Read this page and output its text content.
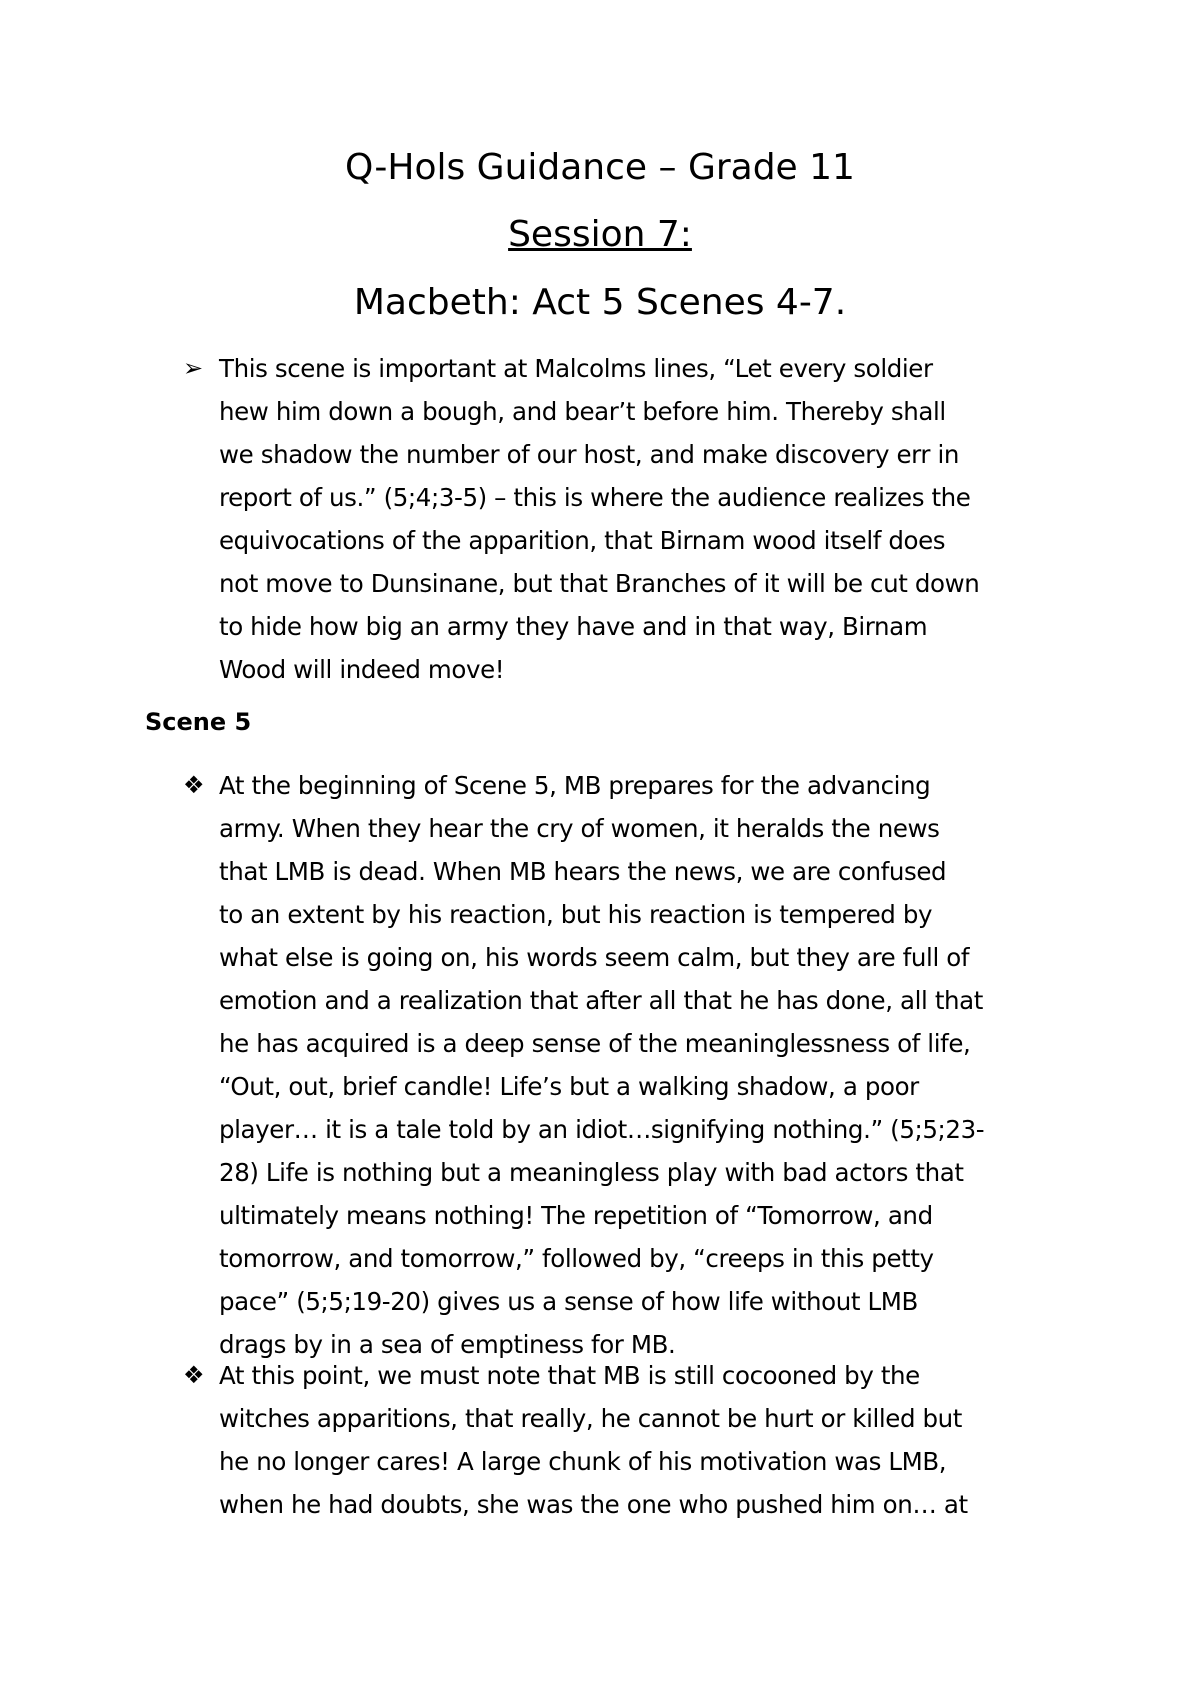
Q-Hols Guidance – Grade 11
Session 7:
Macbeth: Act 5 Scenes 4-7.
➢ This scene is important at Malcolms lines, “Let every soldier
hew him down a bough, and bear’t before him. Thereby shall
we shadow the number of our host, and make discovery err in
report of us.” (5;4;3-5) – this is where the audience realizes the
equivocations of the apparition, that Birnam wood itself does
not move to Dunsinane, but that Branches of it will be cut down
to hide how big an army they have and in that way, Birnam
Wood will indeed move!
Scene 5
❖ At the beginning of Scene 5, MB prepares for the advancing
army. When they hear the cry of women, it heralds the news
that LMB is dead. When MB hears the news, we are confused
to an extent by his reaction, but his reaction is tempered by
what else is going on, his words seem calm, but they are full of
emotion and a realization that after all that he has done, all that
he has acquired is a deep sense of the meaninglessness of life,
“Out, out, brief candle! Life’s but a walking shadow, a poor
player… it is a tale told by an idiot…signifying nothing.” (5;5;23-
28) Life is nothing but a meaningless play with bad actors that
ultimately means nothing! The repetition of “Tomorrow, and
tomorrow, and tomorrow,” followed by, “creeps in this petty
pace” (5;5;19-20) gives us a sense of how life without LMB
drags by in a sea of emptiness for MB.
❖ At this point, we must note that MB is still cocooned by the
witches apparitions, that really, he cannot be hurt or killed but
he no longer cares! A large chunk of his motivation was LMB,
when he had doubts, she was the one who pushed him on… at
